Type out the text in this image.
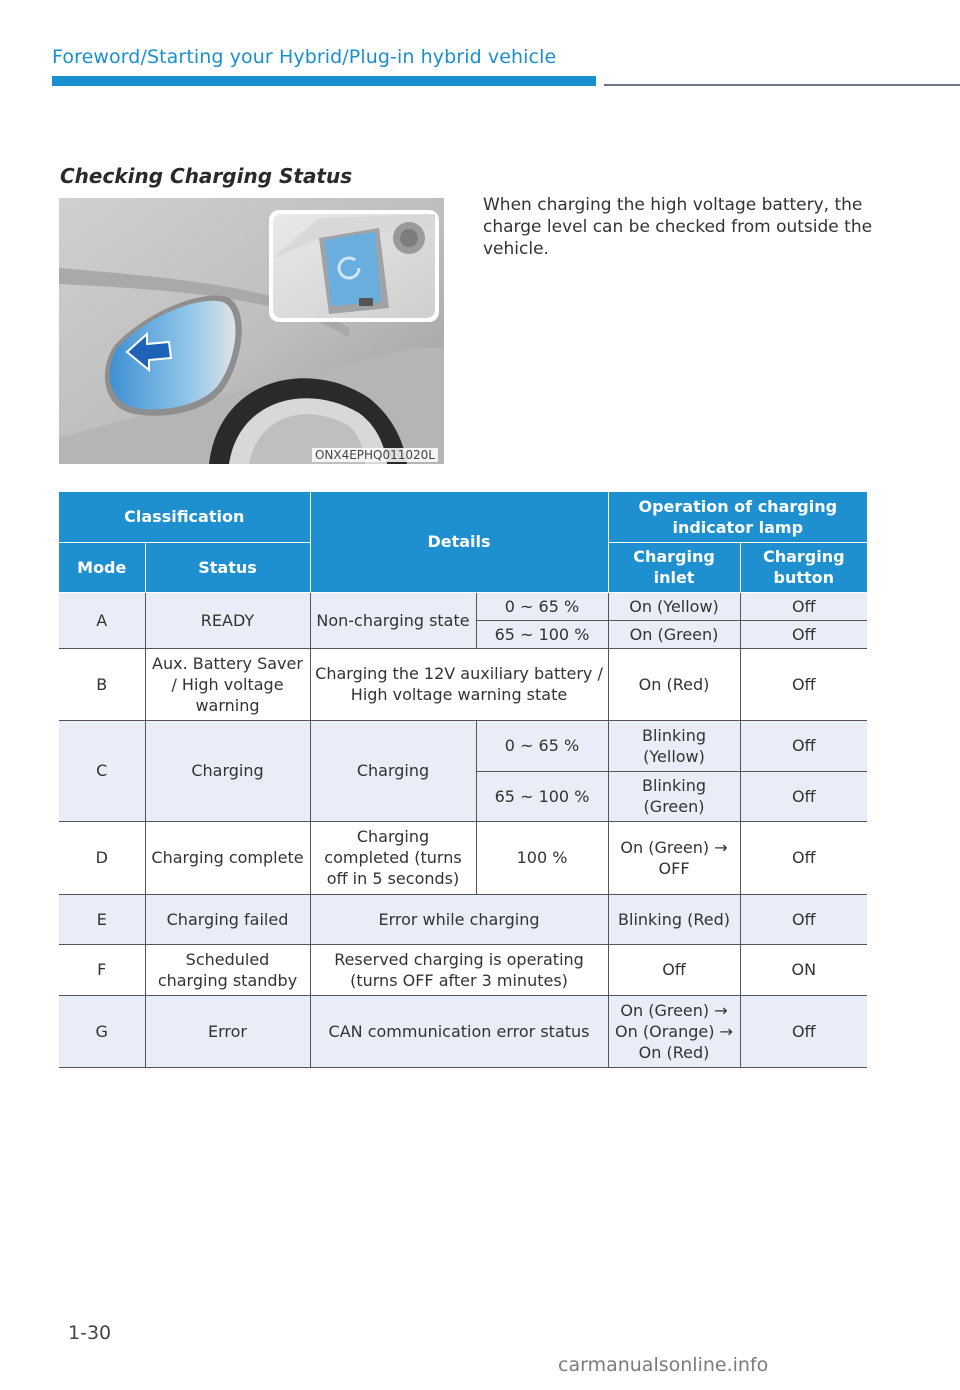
Foreword/Starting your Hybrid/Plug-in hybrid vehicle
Checking Charging Status
ONX4EPHQ011020L
When charging the high voltage battery, the charge level can be checked from outside the vehicle.
Classification		Details		Operation of charging indicator lamp	
Mode	Status			Charging inlet	Charging button
A	READY	Non-charging state	0 ~ 65 %	On (Yellow)	Off
			65 ~ 100 %	On (Green)	Off
B	Aux. Battery Saver / High voltage warning	Charging the 12V auxiliary battery / High voltage warning state		On (Red)	Off
C	Charging	Charging	0 ~ 65 %	Blinking (Yellow)	Off
			65 ~ 100 %	Blinking (Green)	Off
D	Charging complete	Charging completed (turns off in 5 seconds)	100 %	On (Green) → OFF	Off
E	Charging failed	Error while charging		Blinking (Red)	Off
F	Scheduled charging standby	Reserved charging is operating (turns OFF after 3 minutes)		Off	ON
G	Error	CAN communication error status		On (Green) → On (Orange) → On (Red)	Off
1-30
carmanualsonline.info
